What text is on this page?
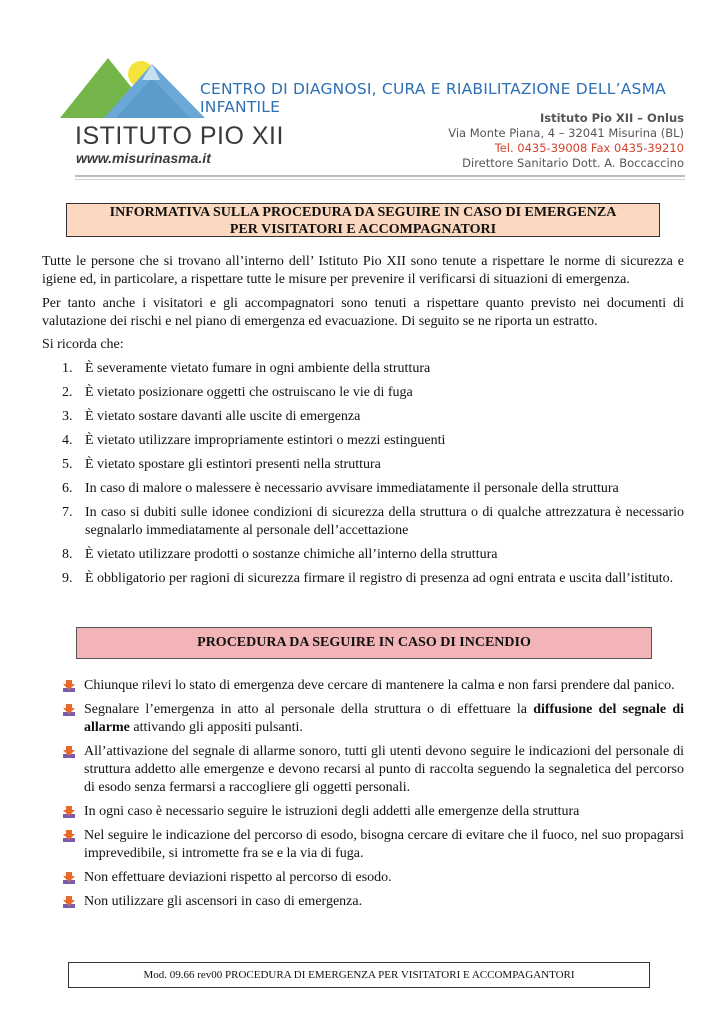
ISTITUTO PIO XII
www.misurinasma.it
CENTRO DI DIAGNOSI, CURA E RIABILITAZIONE DELL’ASMA INFANTILE
Istituto Pio XII – Onlus
Via Monte Piana, 4 – 32041 Misurina (BL)
Tel. 0435-39008 Fax 0435-39210
Direttore Sanitario Dott. A. Boccaccino
INFORMATIVA SULLA PROCEDURA DA SEGUIRE IN CASO DI EMERGENZA
PER VISITATORI E ACCOMPAGNATORI
Tutte le persone che si trovano all’interno dell’ Istituto Pio XII sono tenute a rispettare le norme di sicurezza e igiene ed, in particolare, a rispettare tutte le misure per prevenire il verificarsi di situazioni di emergenza.
Per tanto anche i visitatori e gli accompagnatori sono tenuti a rispettare quanto previsto nei documenti di valutazione dei rischi e nel piano di emergenza ed evacuazione. Di seguito se ne riporta un estratto.
Si ricorda che:
1. È severamente vietato fumare in ogni ambiente della struttura
2. È vietato posizionare oggetti che ostruiscano le vie di fuga
3. È vietato sostare davanti alle uscite di emergenza
4. È vietato utilizzare impropriamente estintori o mezzi estinguenti
5. È vietato spostare gli estintori presenti nella struttura
6. In caso di malore o malessere è necessario avvisare immediatamente il personale della struttura
7. In caso si dubiti sulle idonee condizioni di sicurezza della struttura o di qualche attrezzatura è necessario segnalarlo immediatamente al personale dell’accettazione
8. È vietato utilizzare prodotti o sostanze chimiche all’interno della struttura
9. È obbligatorio per ragioni di sicurezza firmare il registro di presenza ad ogni entrata e uscita dall’istituto.
PROCEDURA DA SEGUIRE IN CASO DI INCENDIO
Chiunque rilevi lo stato di emergenza deve cercare di mantenere la calma e non farsi prendere dal panico.
Segnalare l’emergenza in atto al personale della struttura o di effettuare la diffusione del segnale di allarme attivando gli appositi pulsanti.
All’attivazione del segnale di allarme sonoro, tutti gli utenti devono seguire le indicazioni del personale di struttura addetto alle emergenze e devono recarsi al punto di raccolta seguendo la segnaletica del percorso di esodo senza fermarsi a raccogliere gli oggetti personali.
In ogni caso è necessario seguire le istruzioni degli addetti alle emergenze della struttura
Nel seguire le indicazione del percorso di esodo, bisogna cercare di evitare che il fuoco, nel suo propagarsi imprevedibile, si intromette fra se e la via di fuga.
Non effettuare deviazioni rispetto al percorso di esodo.
Non utilizzare gli ascensori in caso di emergenza.
Mod. 09.66 rev00 PROCEDURA DI EMERGENZA PER VISITATORI E ACCOMPAGANTORI
